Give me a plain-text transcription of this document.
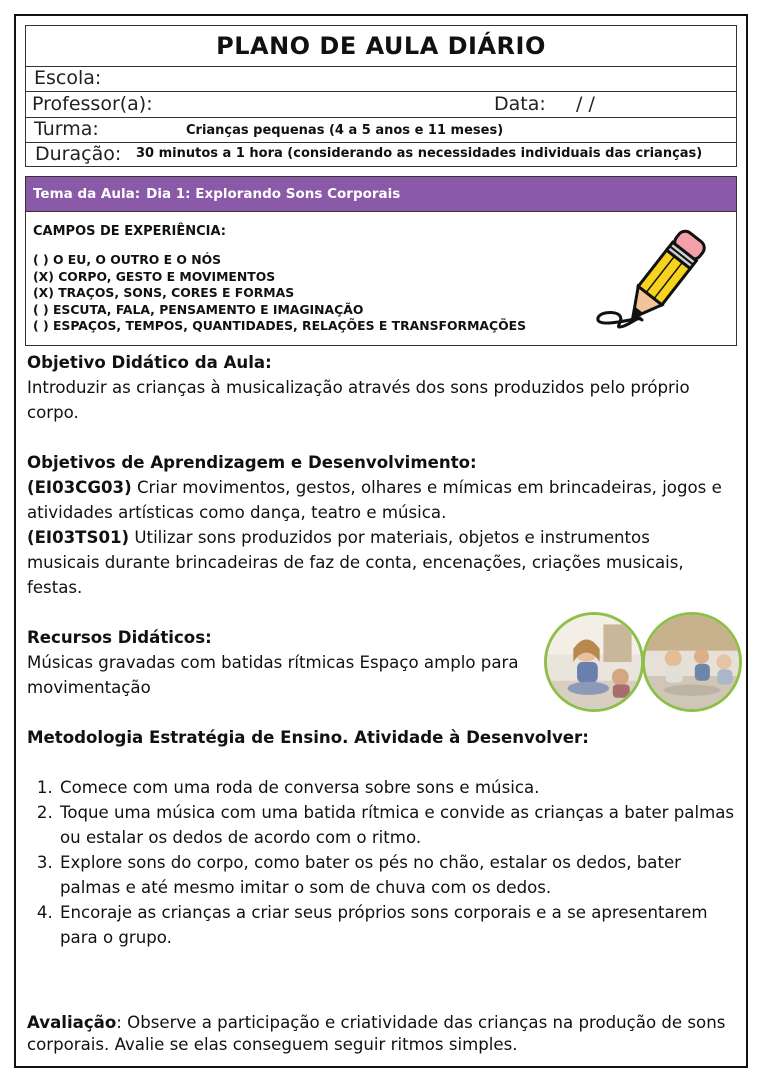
PLANO DE AULA DIÁRIO
Escola:
Professor(a):	Data: / /
Turma:	Crianças pequenas (4 a 5 anos e 11 meses)
Duração: 30 minutos a 1 hora (considerando as necessidades individuais das crianças)
Tema da Aula: Dia 1: Explorando Sons Corporais
CAMPOS DE EXPERIÊNCIA:
( ) O EU, O OUTRO E O NÓS
(X) CORPO, GESTO E MOVIMENTOS
(X) TRAÇOS, SONS, CORES E FORMAS
( ) ESCUTA, FALA, PENSAMENTO E IMAGINAÇÃO
( ) ESPAÇOS, TEMPOS, QUANTIDADES, RELAÇÕES E TRANSFORMAÇÕES
Objetivo Didático da Aula:

Introduzir as crianças à musicalização através dos sons produzidos pelo próprio corpo.

Objetivos de Aprendizagem e Desenvolvimento:

(EI03CG03) Criar movimentos, gestos, olhares e mímicas em brincadeiras, jogos e atividades artísticas como dança, teatro e música.

(EI03TS01) Utilizar sons produzidos por materiais, objetos e instrumentos musicais durante brincadeiras de faz de conta, encenações, criações musicais, festas.

Recursos Didáticos:

Músicas gravadas com batidas rítmicas Espaço amplo para

movimentação

Metodologia Estratégia de Ensino. Atividade à Desenvolver:
1. Comece com uma roda de conversa sobre sons e música.
2. Toque uma música com uma batida rítmica e convide as crianças a bater palmas ou estalar os dedos de acordo com o ritmo.
3. Explore sons do corpo, como bater os pés no chão, estalar os dedos, bater palmas e até mesmo imitar o som de chuva com os dedos.
4. Encoraje as crianças a criar seus próprios sons corporais e a se apresentarem para o grupo.

Avaliação: Observe a participação e criatividade das crianças na produção de sons corporais. Avalie se elas conseguem seguir ritmos simples.
